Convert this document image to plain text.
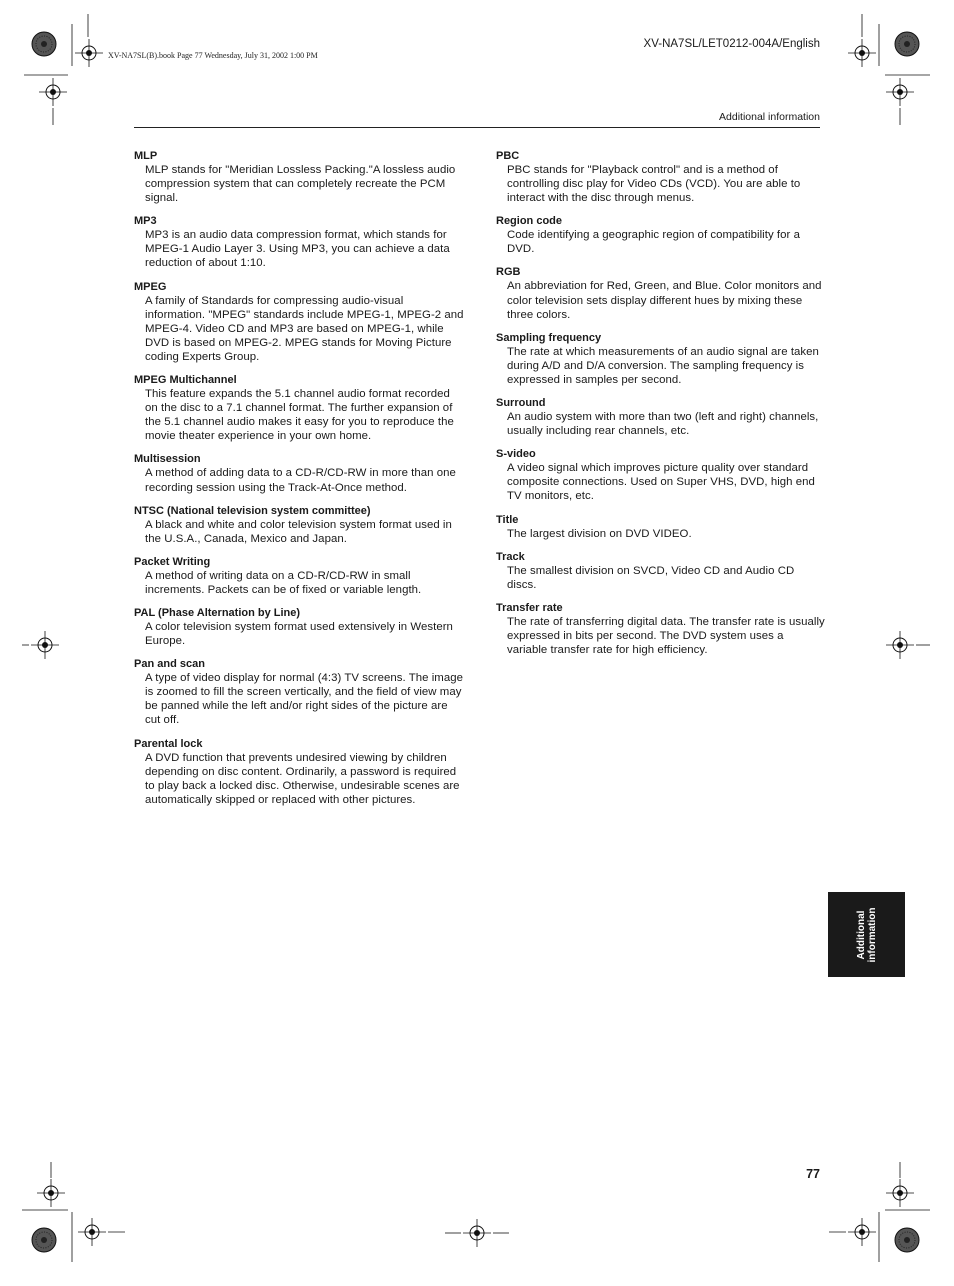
XV-NA7SL(B).book Page 77 Wednesday, July 31, 2002 1:00 PM
XV-NA7SL/LET0212-004A/English
Additional information

MLP

MLP stands for "Meridian Lossless Packing."A lossless audio compression system that can completely recreate the PCM signal.

MP3

MP3 is an audio data compression format, which stands for MPEG-1 Audio Layer 3. Using MP3, you can achieve a data reduction of about 1:10.

MPEG

A family of Standards for compressing audio-visual information. "MPEG" standards include MPEG-1, MPEG-2 and MPEG-4. Video CD and MP3 are based on MPEG-1, while DVD is based on MPEG-2. MPEG stands for Moving Picture coding Experts Group.

MPEG Multichannel

This feature expands the 5.1 channel audio format recorded on the disc to a 7.1 channel format. The further expansion of the 5.1 channel audio makes it easy for you to reproduce the movie theater experience in your own home.

Multisession

A method of adding data to a CD-R/CD-RW in more than one recording session using the Track-At-Once method.

NTSC (National television system committee)

A black and white and color television system format used in the U.S.A., Canada, Mexico and Japan.

Packet Writing

A method of writing data on a CD-R/CD-RW in small increments. Packets can be of fixed or variable length.

PAL (Phase Alternation by Line)

A color television system format used extensively in Western Europe.

Pan and scan

A type of video display for normal (4:3) TV screens. The image is zoomed to fill the screen vertically, and the field of view may be panned while the left and/or right sides of the picture are cut off.

Parental lock

A DVD function that prevents undesired viewing by children depending on disc content. Ordinarily, a password is required to play back a locked disc. Otherwise, undesirable scenes are automatically skipped or replaced with other pictures.

PBC

PBC stands for "Playback control" and is a method of controlling disc play for Video CDs (VCD). You are able to interact with the disc through menus.

Region code

Code identifying a geographic region of compatibility for a DVD.

RGB

An abbreviation for Red, Green, and Blue. Color monitors and color television sets display different hues by mixing these three colors.

Sampling frequency

The rate at which measurements of an audio signal are taken during A/D and D/A conversion. The sampling frequency is expressed in samples per second.

Surround

An audio system with more than two (left and right) channels, usually including rear channels, etc.

S-video

A video signal which improves picture quality over standard composite connections. Used on Super VHS, DVD, high end TV monitors, etc.

Title

The largest division on DVD VIDEO.

Track

The smallest division on SVCD, Video CD and Audio CD discs.

Transfer rate

The rate of transferring digital data. The transfer rate is usually expressed in bits per second. The DVD system uses a variable transfer rate for high efficiency.

Additional information
77
